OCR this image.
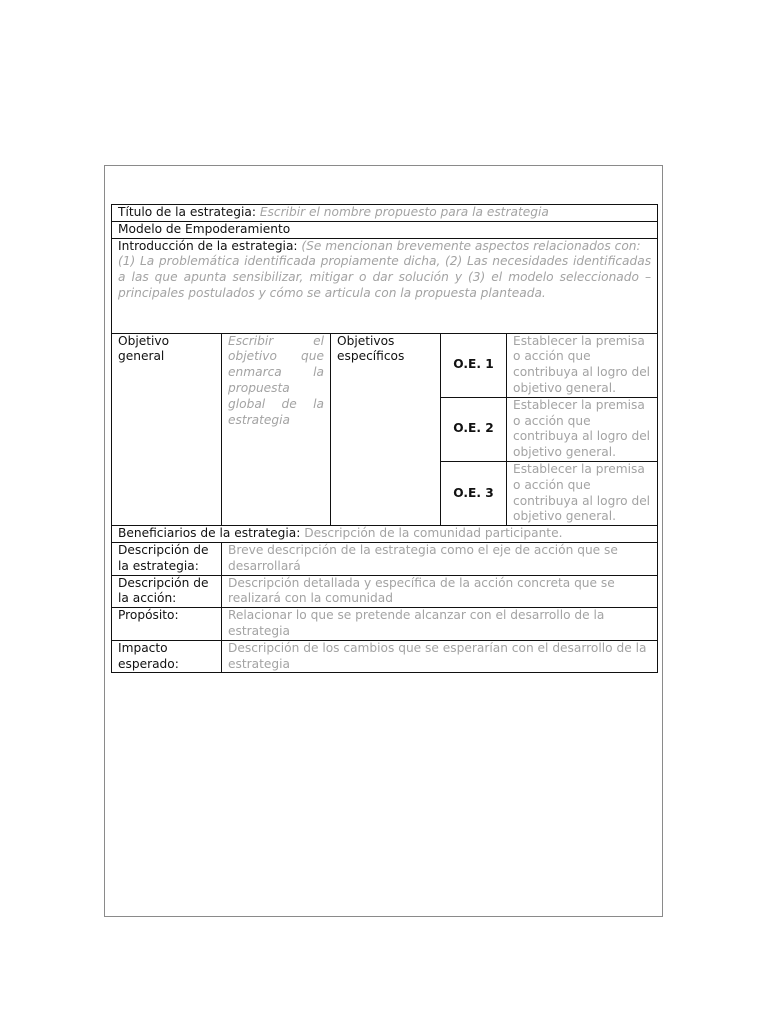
Título de la estrategia: Escribir el nombre propuesto para la estrategia				
Modelo de Empoderamiento				
Introducción de la estrategia: (Se mencionan brevemente aspectos relacionados con:
(1) La problemática identificada propiamente dicha, (2) Las necesidades identificadas a las que apunta sensibilizar, mitigar o dar solución y (3) el modelo seleccionado – principales postulados y cómo se articula con la propuesta planteada.				
Objetivo general	Escribir el objetivo que enmarca la propuesta global de la estrategia	Objetivos específicos	O.E. 1	Establecer la premisa o acción que contribuya al logro del objetivo general.
			O.E. 2	Establecer la premisa o acción que contribuya al logro del objetivo general.
			O.E. 3	Establecer la premisa o acción que contribuya al logro del objetivo general.
Beneficiarios de la estrategia: Descripción de la comunidad participante.				
Descripción de la estrategia:	Breve descripción de la estrategia como el eje de acción que se desarrollará			
Descripción de la acción:	Descripción detallada y específica de la acción concreta que se realizará con la comunidad			
Propósito:	Relacionar lo que se pretende alcanzar con el desarrollo de la estrategia			
Impacto esperado:	Descripción de los cambios que se esperarían con el desarrollo de la estrategia			
